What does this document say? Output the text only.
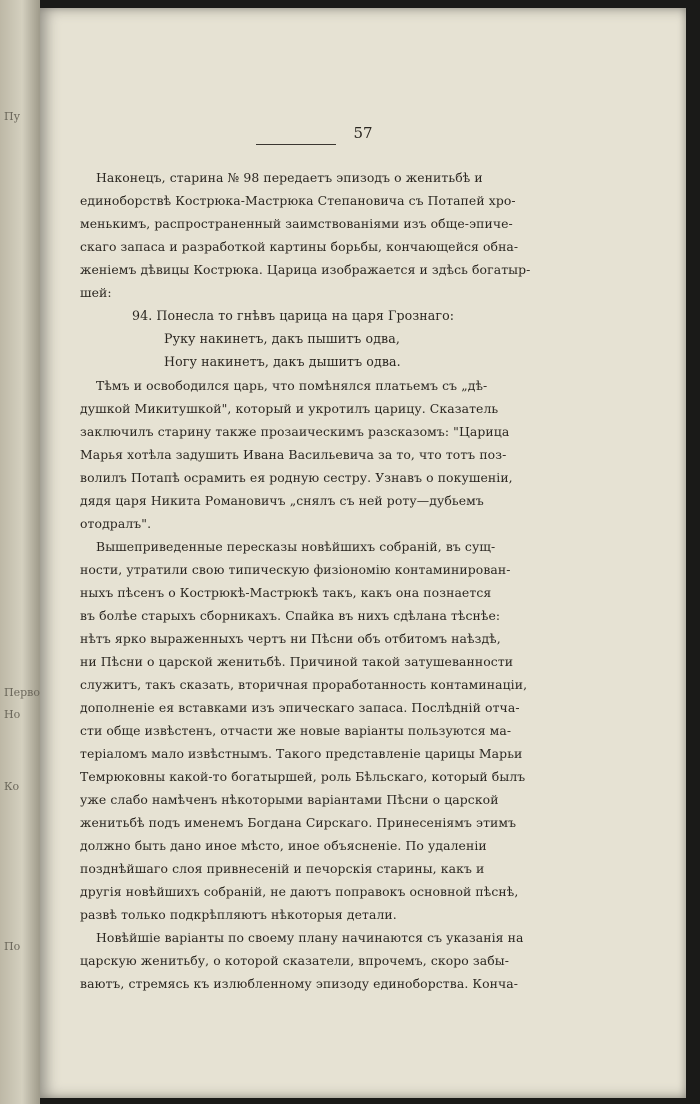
Пу
Перво
Но
Ко
По
57
Наконецъ, старина № 98 передаетъ эпизодъ о женитьбѣ и
единоборствѣ Кострюка-Мастрюка Степановича съ Потапей хро-
менькимъ, распространенный заимствованіями изъ обще-эпиче-
скаго запаса и разработкой картины борьбы, кончающейся обна-
женіемъ дѣвицы Кострюка. Царица изображается и здѣсь богатыр-
шей:
94. Понесла то гнѣвъ царица на царя Грознаго:
Руку накинетъ, дакъ пышитъ одва,
Ногу накинетъ, дакъ дышитъ одва.
Тѣмъ и освободился царь, что помѣнялся платьемъ съ „дѣ-
душкой Микитушкой", который и укротилъ царицу. Сказатель
заключилъ старину также прозаическимъ разсказомъ: "Царица
Марья хотѣла задушить Ивана Васильевича за то, что тотъ поз-
волилъ Потапѣ осрамить ея родную сестру. Узнавъ о покушеніи,
дядя царя Никита Романовичъ „снялъ съ ней роту—дубьемъ
отодралъ".
Вышеприведенные пересказы новѣйшихъ собраній, въ сущ-
ности, утратили свою типическую физіономію контаминирован-
ныхъ пѣсенъ о Кострюкѣ-Мастрюкѣ такъ, какъ она познается
въ болѣе старыхъ сборникахъ. Спайка въ нихъ сдѣлана тѣснѣе:
нѣтъ ярко выраженныхъ чертъ ни Пѣсни объ отбитомъ наѣздѣ,
ни Пѣсни о царской женитьбѣ. Причиной такой затушеванности
служитъ, такъ сказать, вторичная проработанность контаминаціи,
дополненіе ея вставками изъ эпическаго запаса. Послѣдній отча-
сти обще извѣстенъ, отчасти же новые варіанты пользуются ма-
теріаломъ мало извѣстнымъ. Такого представленіе царицы Марьи
Темрюковны какой-то богатыршей, роль Бѣльскаго, который былъ
уже слабо намѣченъ нѣкоторыми варіантами Пѣсни о царской
женитьбѣ подъ именемъ Богдана Сирскаго. Принесеніямъ этимъ
должно быть дано иное мѣсто, иное объясненіе. По удаленіи
позднѣйшаго слоя привнесеній и печорскія старины, какъ и
другія новѣйшихъ собраній, не даютъ поправокъ основной пѣснѣ,
развѣ только подкрѣпляютъ нѣкоторыя детали.
Новѣйшіе варіанты по своему плану начинаются съ указанія на
царскую женитьбу, о которой сказатели, впрочемъ, скоро забы-
ваютъ, стремясь къ излюбленному эпизоду единоборства. Конча-
